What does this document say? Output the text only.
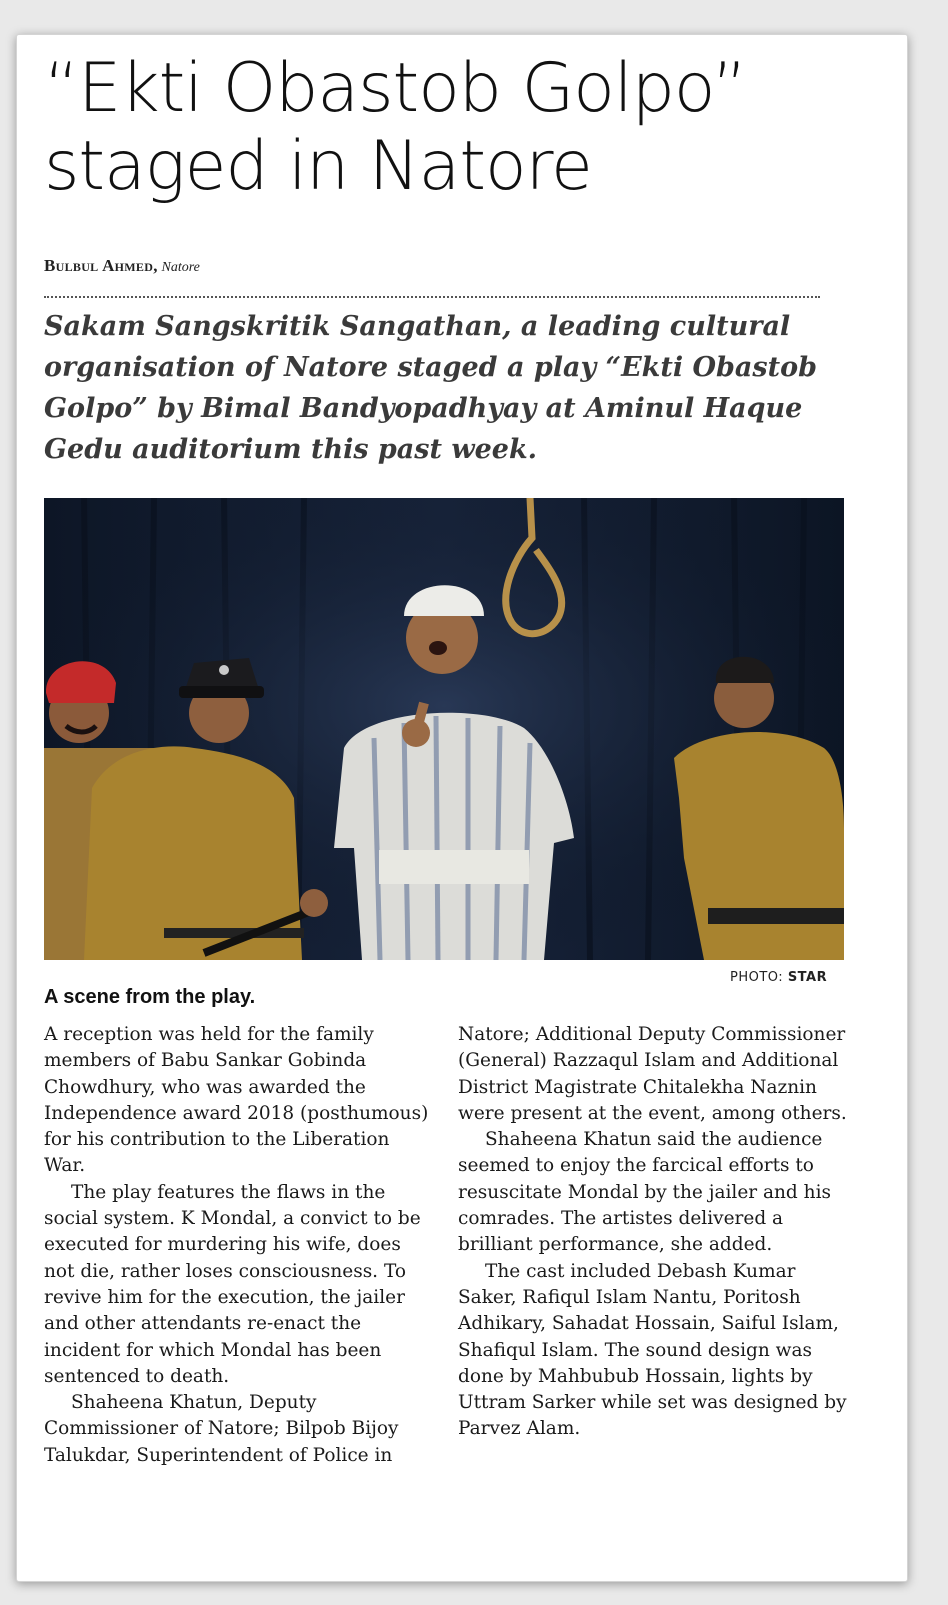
“Ekti Obastob Golpo”
staged in Natore
Bulbul Ahmed, Natore

Sakam Sangskritik Sangathan, a leading cultural organisation of Natore staged a play “Ekti Obastob Golpo” by Bimal Bandyopadhyay at Aminul Haque Gedu auditorium this past week.

PHOTO: STAR
A scene from the play.

A reception was held for the family members of Babu Sankar Gobinda Chowdhury, who was awarded the Independence award 2018 (posthumous) for his contribution to the Liberation War.

The play features the flaws in the social system. K Mondal, a convict to be executed for murdering his wife, does not die, rather loses consciousness. To revive him for the execution, the jailer and other attendants re-enact the incident for which Mondal has been sentenced to death.

Shaheena Khatun, Deputy Commissioner of Natore; Bilpob Bijoy Talukdar, Superintendent of Police in

Natore; Additional Deputy Commissioner (General) Razzaqul Islam and Additional District Magistrate Chitalekha Naznin were present at the event, among others.

Shaheena Khatun said the audience seemed to enjoy the farcical efforts to resuscitate Mondal by the jailer and his comrades. The artistes delivered a brilliant performance, she added.

The cast included Debash Kumar Saker, Rafiqul Islam Nantu, Poritosh Adhikary, Sahadat Hossain, Saiful Islam, Shafiqul Islam. The sound design was done by Mahbubub Hossain, lights by Uttram Sarker while set was designed by Parvez Alam.
